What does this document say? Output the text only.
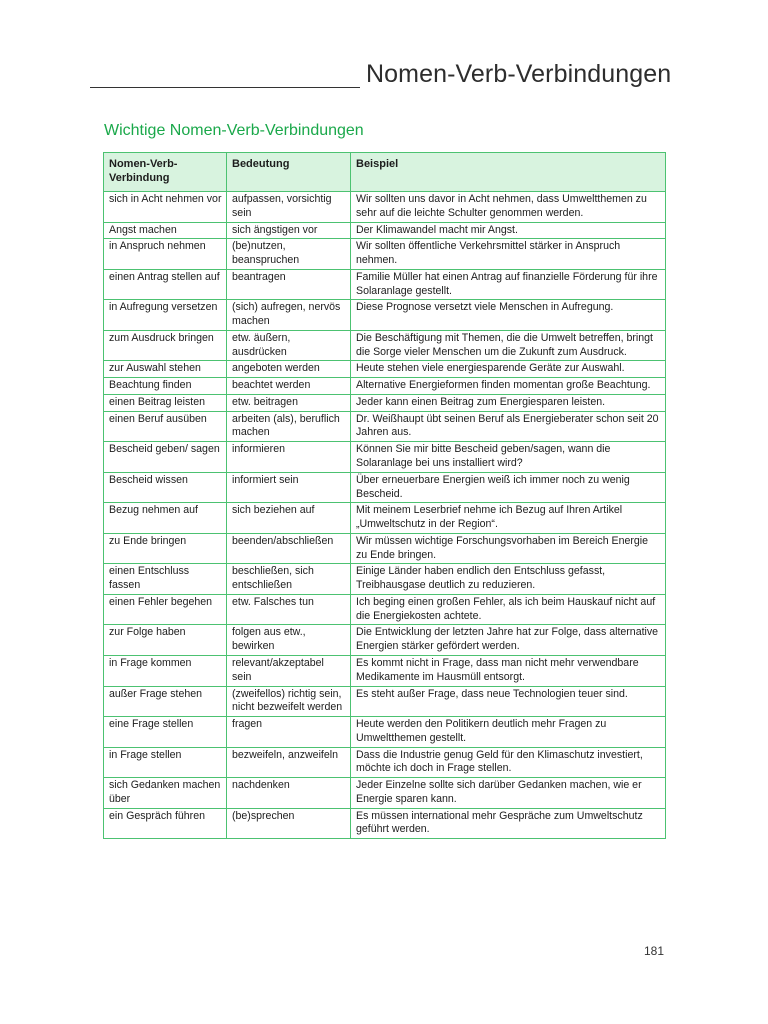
Nomen-Verb-Verbindungen
Wichtige Nomen-Verb-Verbindungen
Nomen-Verb-
Verbindung	Bedeutung	Beispiel
sich in Acht nehmen vor	aufpassen, vorsichtig sein	Wir sollten uns davor in Acht nehmen, dass Umweltthemen zu sehr auf die leichte Schulter genommen werden.
Angst machen	sich ängstigen vor	Der Klimawandel macht mir Angst.
in Anspruch nehmen	(be)nutzen, beanspruchen	Wir sollten öffentliche Verkehrsmittel stärker in Anspruch nehmen.
einen Antrag stellen auf	beantragen	Familie Müller hat einen Antrag auf finanzielle Förderung für ihre Solaranlage gestellt.
in Aufregung versetzen	(sich) aufregen, nervös machen	Diese Prognose versetzt viele Menschen in Aufregung.
zum Ausdruck bringen	etw. äußern, ausdrücken	Die Beschäftigung mit Themen, die die Umwelt betreffen, bringt die Sorge vieler Menschen um die Zukunft zum Ausdruck.
zur Auswahl stehen	angeboten werden	Heute stehen viele energiesparende Geräte zur Auswahl.
Beachtung finden	beachtet werden	Alternative Energieformen finden momentan große Beachtung.
einen Beitrag leisten	etw. beitragen	Jeder kann einen Beitrag zum Energiesparen leisten.
einen Beruf ausüben	arbeiten (als), beruflich machen	Dr. Weißhaupt übt seinen Beruf als Energieberater schon seit 20 Jahren aus.
Bescheid geben/ sagen	informieren	Können Sie mir bitte Bescheid geben/sagen, wann die Solaranlage bei uns installiert wird?
Bescheid wissen	informiert sein	Über erneuerbare Energien weiß ich immer noch zu wenig Bescheid.
Bezug nehmen auf	sich beziehen auf	Mit meinem Leserbrief nehme ich Bezug auf Ihren Artikel „Umweltschutz in der Region“.
zu Ende bringen	beenden/abschließen	Wir müssen wichtige Forschungsvorhaben im Bereich Energie zu Ende bringen.
einen Entschluss fassen	beschließen, sich entschließen	Einige Länder haben endlich den Entschluss gefasst, Treibhausgase deutlich zu reduzieren.
einen Fehler begehen	etw. Falsches tun	Ich beging einen großen Fehler, als ich beim Hauskauf nicht auf die Energiekosten achtete.
zur Folge haben	folgen aus etw., bewirken	Die Entwicklung der letzten Jahre hat zur Folge, dass alternative Energien stärker gefördert werden.
in Frage kommen	relevant/akzeptabel sein	Es kommt nicht in Frage, dass man nicht mehr verwendbare Medikamente im Hausmüll entsorgt.
außer Frage stehen	(zweifellos) richtig sein, nicht bezweifelt werden	Es steht außer Frage, dass neue Technologien teuer sind.
eine Frage stellen	fragen	Heute werden den Politikern deutlich mehr Fragen zu Umweltthemen gestellt.
in Frage stellen	bezweifeln, anzweifeln	Dass die Industrie genug Geld für den Klimaschutz investiert, möchte ich doch in Frage stellen.
sich Gedanken machen über	nachdenken	Jeder Einzelne sollte sich darüber Gedanken machen, wie er Energie sparen kann.
ein Gespräch führen	(be)sprechen	Es müssen international mehr Gespräche zum Umweltschutz geführt werden.
181
